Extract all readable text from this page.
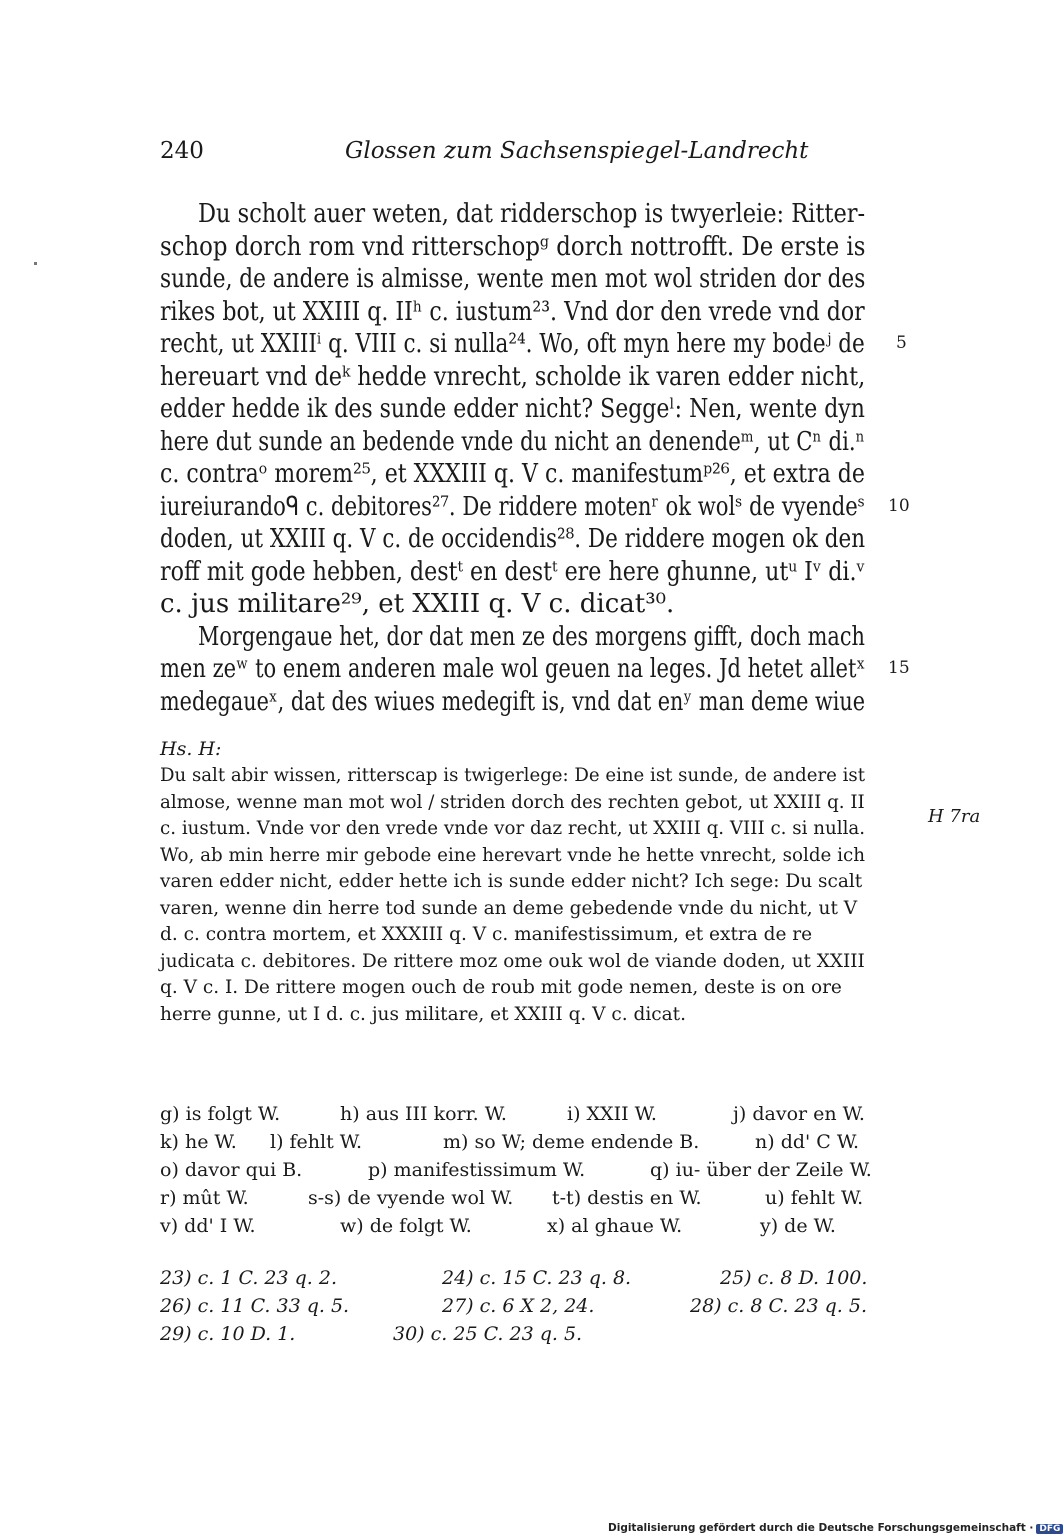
240	Glossen zum Sachsenspiegel-Landrecht
Du scholt auer weten, dat ridderschop is twyerleie: Ritter-
schop dorch rom vnd ritterschopᵍ dorch nottrofft. De erste is
sunde, de andere is almisse, wente men mot wol striden dor des
rikes bot, ut XXIII q. IIʰ c. iustum²³. Vnd dor den vrede vnd dor
recht, ut XXIIIⁱ q. VIII c. si nulla²⁴. Wo, oft myn here my bodeʲ de
hereuart vnd deᵏ hedde vnrecht, scholde ik varen edder nicht,
edder hedde ik des sunde edder nicht? Seggeˡ: Nen, wente dyn
here dut sunde an bedende vnde du nicht an denendeᵐ, ut Cⁿ di.ⁿ
c. contraᵒ morem²⁵, et XXXIII q. V c. manifestumᵖ²⁶, et extra de
iureiurandoᑫ c. debitores²⁷. De riddere motenʳ ok wolˢ de vyendeˢ
doden, ut XXIII q. V c. de occidendis²⁸. De riddere mogen ok den
roff mit gode hebben, destᵗ en destᵗ ere here ghunne, utᵘ Iᵛ di.ᵛ
c. jus militare²⁹, et XXIII q. V c. dicat³⁰.
Morgengaue het, dor dat men ze des morgens gifft, doch mach
men zeʷ to enem anderen male wol geuen na leges. Jd hetet alletˣ
medegaueˣ, dat des wiues medegift is, vnd dat enʸ man deme wiue
5
10
15
Hs. H:
H 7ra
Du salt abir wissen, ritterscap is twigerlege: De eine ist sunde, de andere ist
almose, wenne man mot wol / striden dorch des rechten gebot, ut XXIII q. II
c. iustum. Vnde vor den vrede vnde vor daz recht, ut XXIII q. VIII c. si nulla.
Wo, ab min herre mir gebode eine herevart vnde he hette vnrecht, solde ich
varen edder nicht, edder hette ich is sunde edder nicht? Ich sege: Du scalt
varen, wenne din herre tod sunde an deme gebedende vnde du nicht, ut V
d. c. contra mortem, et XXXIII q. V c. manifestissimum, et extra de re
judicata c. debitores. De rittere moz ome ouk wol de viande doden, ut XXIII
q. V c. I. De rittere mogen ouch de roub mit gode nemen, deste is on ore
herre gunne, ut I d. c. jus militare, et XXIII q. V c. dicat.
g) is folgt W.	h) aus III korr. W.	i) XXII W.	j) davor en W.
k) he W. l) fehlt W.	m) so W; deme endende B.	n) dd' C W.
o) davor qui B.	p) manifestissimum W.	q) iu- über der Zeile W.
r) mût W.	s-s) de vyende wol W. t-t) destis en W.	u) fehlt W.
v) dd' I W.	w) de folgt W.	x) al ghaue W.	y) de W.
23) c. 1 C. 23 q. 2.	24) c. 15 C. 23 q. 8.	25) c. 8 D. 100.
26) c. 11 C. 33 q. 5.	27) c. 6 X 2, 24.	28) c. 8 C. 23 q. 5.
29) c. 10 D. 1.	30) c. 25 C. 23 q. 5.
Digitalisierung gefördert durch die Deutsche Forschungsgemeinschaft · DFG
